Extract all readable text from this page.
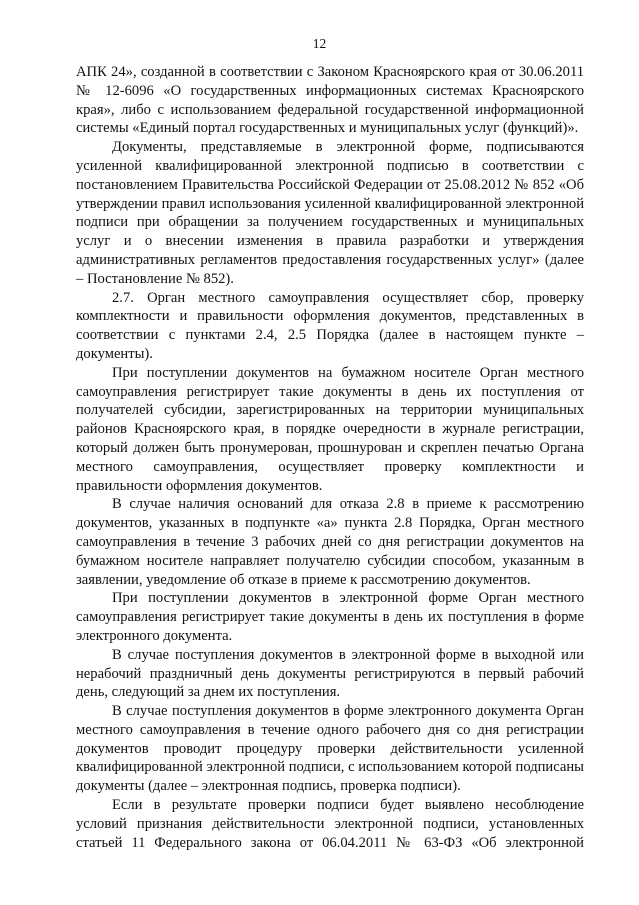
12

АПК 24», созданной в соответствии с Законом Красноярского края от 30.06.2011 № 12-6096 «О государственных информационных системах Красноярского края», либо с использованием федеральной государственной информационной системы «Единый портал государственных и муниципальных услуг (функций)».

Документы, представляемые в электронной форме, подписываются усиленной квалифицированной электронной подписью в соответствии с постановлением Правительства Российской Федерации от 25.08.2012 № 852 «Об утверждении правил использования усиленной квалифицированной электронной подписи при обращении за получением государственных и муниципальных услуг и о внесении изменения в правила разработки и утверждения административных регламентов предоставления государственных услуг» (далее – Постановление № 852).

2.7. Орган местного самоуправления осуществляет сбор, проверку комплектности и правильности оформления документов, представленных в соответствии с пунктами 2.4, 2.5 Порядка (далее в настоящем пункте – документы).

При поступлении документов на бумажном носителе Орган местного самоуправления регистрирует такие документы в день их поступления от получателей субсидии, зарегистрированных на территории муниципальных районов Красноярского края, в порядке очередности в журнале регистрации, который должен быть пронумерован, прошнурован и скреплен печатью Органа местного самоуправления, осуществляет проверку комплектности и правильности оформления документов.

В случае наличия оснований для отказа 2.8 в приеме к рассмотрению документов, указанных в подпункте «а» пункта 2.8 Порядка, Орган местного самоуправления в течение 3 рабочих дней со дня регистрации документов на бумажном носителе направляет получателю субсидии способом, указанным в заявлении, уведомление об отказе в приеме к рассмотрению документов.

При поступлении документов в электронной форме Орган местного самоуправления регистрирует такие документы в день их поступления в форме электронного документа.

В случае поступления документов в электронной форме в выходной или нерабочий праздничный день документы регистрируются в первый рабочий день, следующий за днем их поступления.

В случае поступления документов в форме электронного документа Орган местного самоуправления в течение одного рабочего дня со дня регистрации документов проводит процедуру проверки действительности усиленной квалифицированной электронной подписи, с использованием которой подписаны документы (далее – электронная подпись, проверка подписи).

Если в результате проверки подписи будет выявлено несоблюдение условий признания действительности электронной подписи, установленных статьей 11 Федерального закона от 06.04.2011 № 63-ФЗ «Об электронной
